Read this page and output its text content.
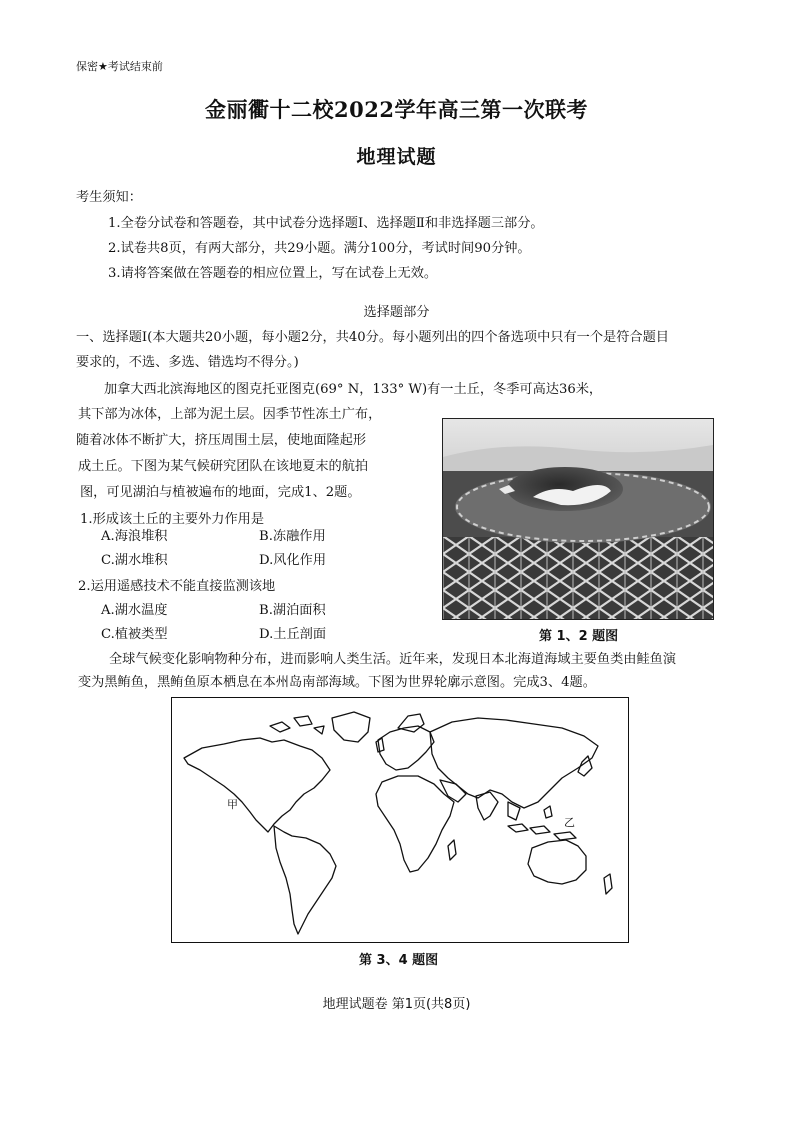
保密★考试结束前
金丽衢十二校2022学年高三第一次联考
地理试题
考生须知：
1.全卷分试卷和答题卷，其中试卷分选择题Ⅰ、选择题Ⅱ和非选择题三部分。
2.试卷共8页，有两大部分，共29小题。满分100分，考试时间90分钟。
3.请将答案做在答题卷的相应位置上，写在试卷上无效。
选择题部分
一、选择题Ⅰ(本大题共20小题，每小题2分，共40分。每小题列出的四个备选项中只有一个是符合题目
要求的，不选、多选、错选均不得分。)
加拿大西北滨海地区的图克托亚图克(69° N，133° W)有一土丘，冬季可高达36米，
其下部为冰体，上部为泥土层。因季节性冻土广布，
随着冰体不断扩大，挤压周围土层，使地面隆起形
成土丘。下图为某气候研究团队在该地夏末的航拍
图，可见湖泊与植被遍布的地面，完成1、2题。
1.形成该土丘的主要外力作用是
A.海浪堆积	B.冻融作用
C.湖水堆积	D.风化作用
2.运用遥感技术不能直接监测该地
A.湖水温度	B.湖泊面积
C.植被类型	D.土丘剖面	第 1、2 题图
全球气候变化影响物种分布，进而影响人类生活。近年来，发现日本北海道海域主要鱼类由鲑鱼演
变为黑鲔鱼，黑鲔鱼原本栖息在本州岛南部海域。下图为世界轮廓示意图。完成3、4题。
甲
乙
第 3、4 题图
地理试题卷 第1页(共8页)
